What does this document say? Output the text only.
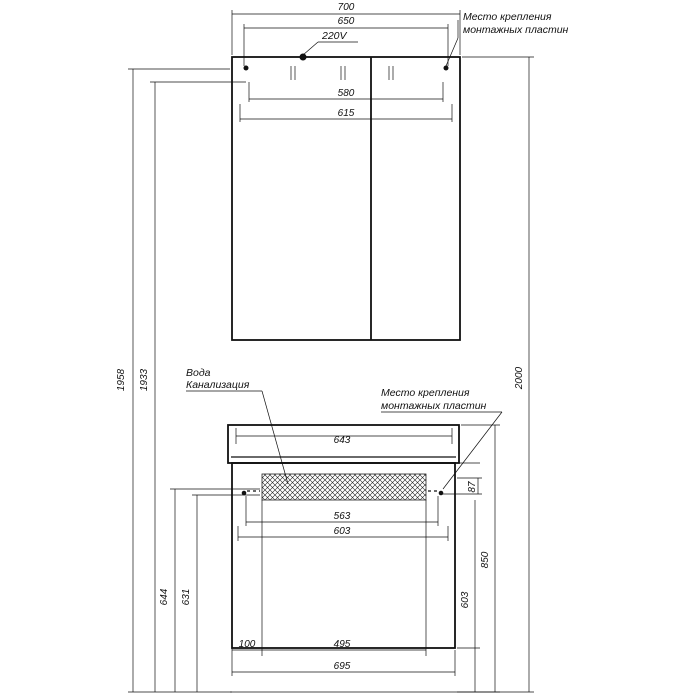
700
650
220V
Место крепления
монтажных пластин
580
615
1958 1933	2000
Вода
Канализация
Место крепления
монтажных пластин
643
563
603
87
850
603
644 631
100	495
695
